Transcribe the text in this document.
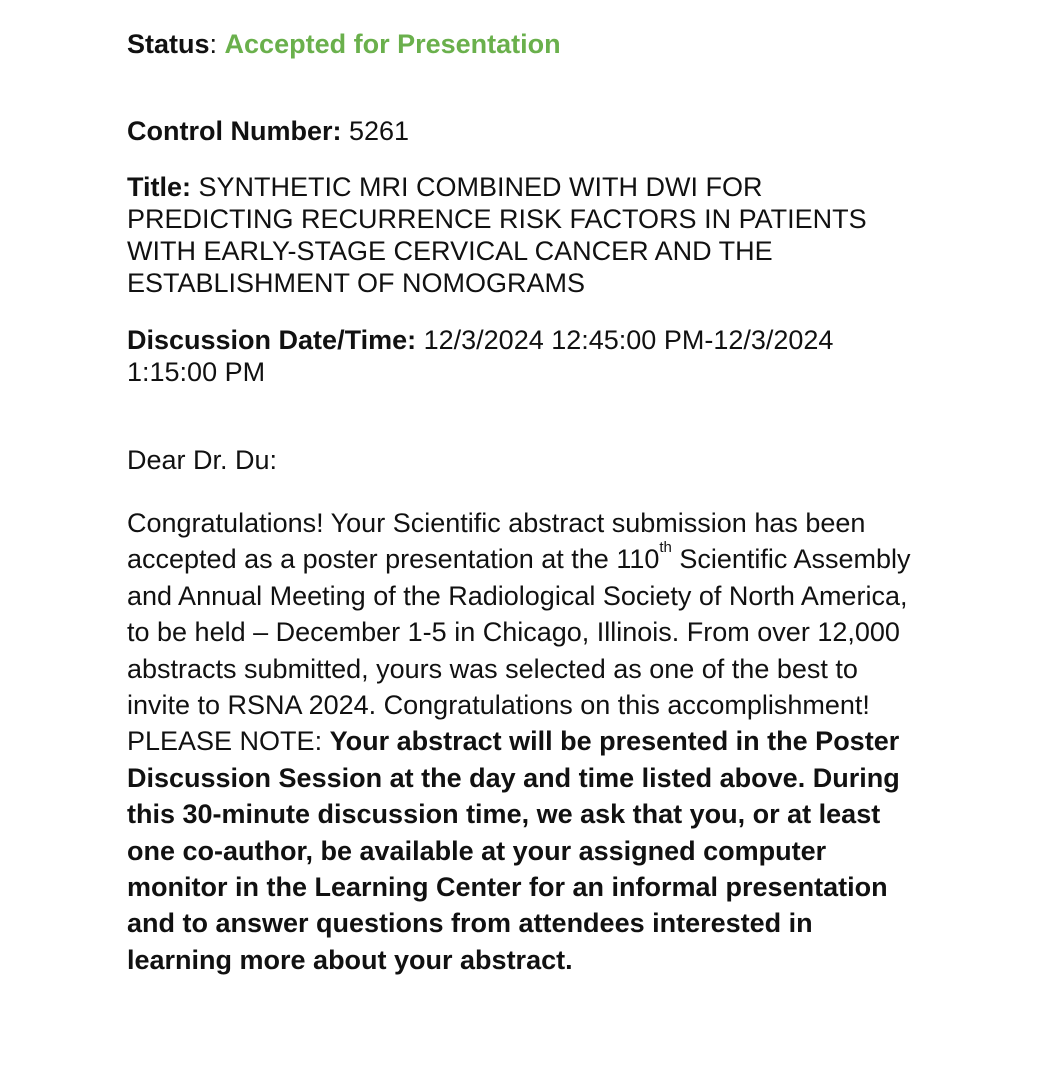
Status: Accepted for Presentation
Control Number: 5261
Title: SYNTHETIC MRI COMBINED WITH DWI FOR PREDICTING RECURRENCE RISK FACTORS IN PATIENTS WITH EARLY-STAGE CERVICAL CANCER AND THE ESTABLISHMENT OF NOMOGRAMS
Discussion Date/Time: 12/3/2024 12:45:00 PM-12/3/2024 1:15:00 PM
Dear Dr. Du:
Congratulations! Your Scientific abstract submission has been accepted as a poster presentation at the 110th Scientific Assembly and Annual Meeting of the Radiological Society of North America, to be held – December 1-5 in Chicago, Illinois. From over 12,000 abstracts submitted, yours was selected as one of the best to invite to RSNA 2024. Congratulations on this accomplishment! PLEASE NOTE: Your abstract will be presented in the Poster Discussion Session at the day and time listed above. During this 30-minute discussion time, we ask that you, or at least one co-author, be available at your assigned computer monitor in the Learning Center for an informal presentation and to answer questions from attendees interested in learning more about your abstract.
